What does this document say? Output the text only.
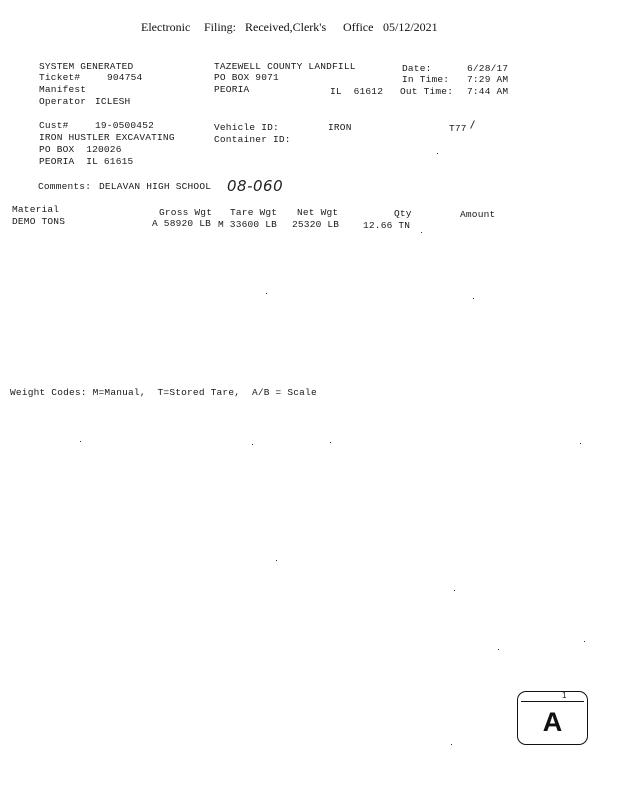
Electronic Filing: Received,Clerk's Office 05/12/2021
SYSTEM GENERATED
Ticket#	904754
Manifest
Operator ICLESH
TAZEWELL COUNTY LANDFILL
PO BOX 9071
PEORIA	IL  61612
Date:	6/28/17
In Time: 7:29 AM
Out Time: 7:44 AM
Cust#	19-0500452
IRON HUSTLER EXCAVATING
PO BOX  120026
PEORIA  IL 61615
Vehicle ID:	IRON	T77
Container ID:
Comments: DELAVAN HIGH SCHOOL 08-060
Material	Gross Wgt Tare Wgt Net Wgt	Qty	Amount
DEMO TONS	A 58920 LB M 33600 LB 25320 LB	12.66 TN
Weight Codes: M=Manual,  T=Stored Tare,  A/B = Scale
1
A
